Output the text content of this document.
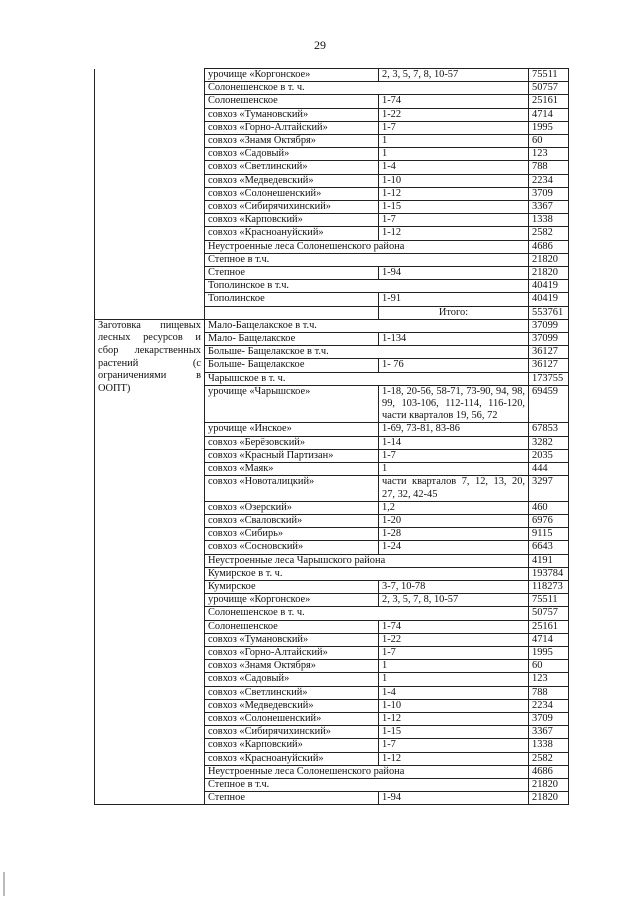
29
	урочище «Коргонское»	2, 3, 5, 7, 8, 10-57	75511
	Солонешенское в т. ч.		50757
	Солонешенское	1-74	25161
	совхоз «Тумановский»	1-22	4714
	совхоз «Горно-Алтайский»	1-7	1995
	совхоз «Знамя Октября»	1	60
	совхоз «Садовый»	1	123
	совхоз «Светлинский»	1-4	788
	совхоз «Медведевский»	1-10	2234
	совхоз «Солонешенский»	1-12	3709
	совхоз «Сибирячихинский»	1-15	3367
	совхоз «Карповский»	1-7	1338
	совхоз «Красноануйский»	1-12	2582
	Неустроенные леса Солонешенского района		4686
	Степное в т.ч.		21820
	Степное	1-94	21820
	Тополинское в т.ч.		40419
	Тополинское	1-91	40419
		Итого:	553761
Заготовка пищевых лесных ресурсов и сбор лекарственных растений (с ограничениями в ООПТ)	Мало-Бащелакское в т.ч.		37099
	Мало- Бащелакское	1-134	37099
	Больше- Бащелакское в т.ч.		36127
	Больше- Бащелакское	1- 76	36127
	Чарышское в т. ч.		173755
	урочище «Чарышское»	1-18, 20-56, 58-71, 73-90, 94, 98, 99, 103-106, 112-114, 116-120, части кварталов 19, 56, 72	69459
	урочище «Инское»	1-69, 73-81, 83-86	67853
	совхоз «Берёзовский»	1-14	3282
	совхоз «Красный Партизан»	1-7	2035
	совхоз «Маяк»	1	444
	совхоз «Новоталицкий»	части кварталов 7, 12, 13, 20, 27, 32, 42-45	3297
	совхоз «Озерский»	1,2	460
	совхоз «Сваловский»	1-20	6976
	совхоз «Сибирь»	1-28	9115
	совхоз «Сосновский»	1-24	6643
	Неустроенные леса Чарышского района		4191
	Кумирское в т. ч.		193784
	Кумирское	3-7, 10-78	118273
	урочище «Коргонское»	2, 3, 5, 7, 8, 10-57	75511
	Солонешенское в т. ч.		50757
	Солонешенское	1-74	25161
	совхоз «Тумановский»	1-22	4714
	совхоз «Горно-Алтайский»	1-7	1995
	совхоз «Знамя Октября»	1	60
	совхоз «Садовый»	1	123
	совхоз «Светлинский»	1-4	788
	совхоз «Медведевский»	1-10	2234
	совхоз «Солонешенский»	1-12	3709
	совхоз «Сибирячихинский»	1-15	3367
	совхоз «Карповский»	1-7	1338
	совхоз «Красноануйский»	1-12	2582
	Неустроенные леса Солонешенского района		4686
	Степное в т.ч.		21820
	Степное	1-94	21820
